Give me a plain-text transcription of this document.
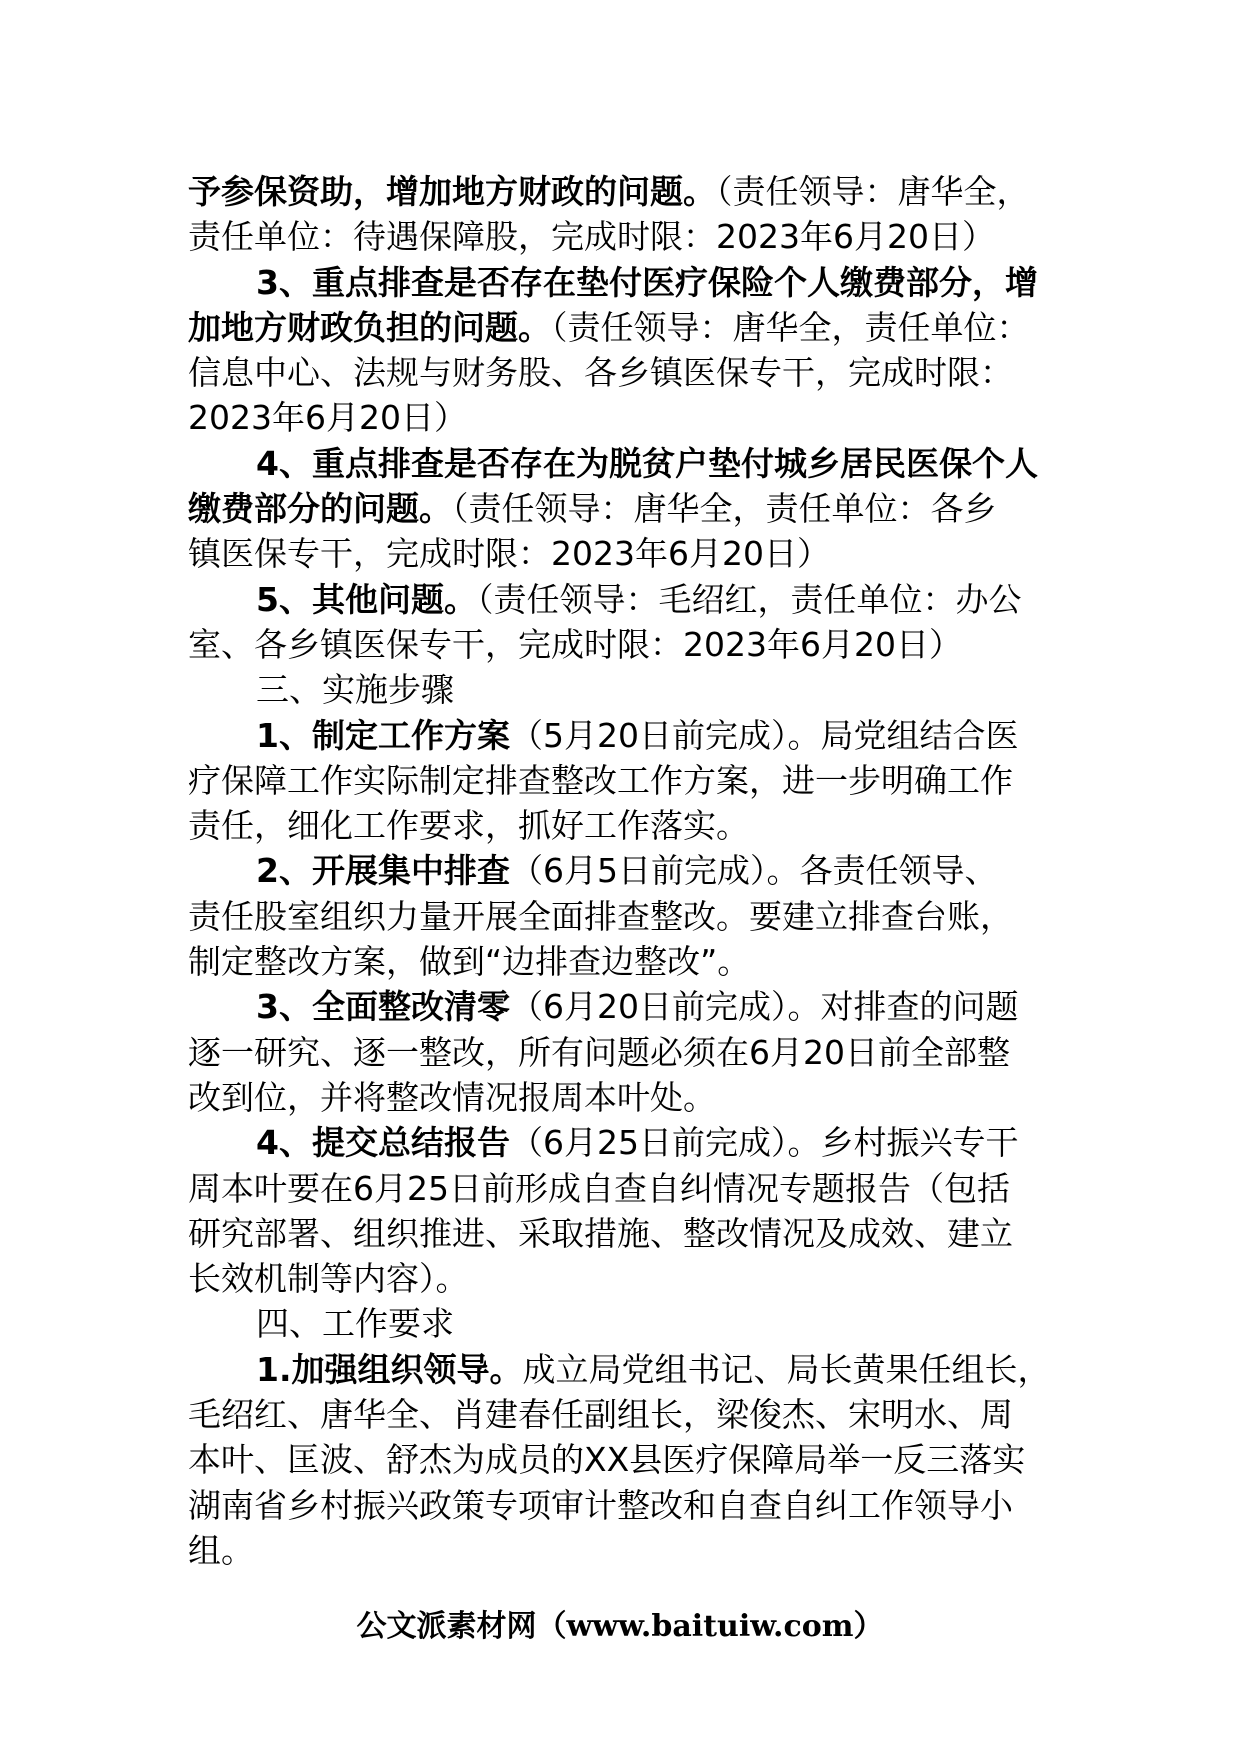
予参保资助，增加地方财政的问题。（责任领导：唐华全，
责任单位：待遇保障股，完成时限：2023年6月20日）
3、重点排查是否存在垫付医疗保险个人缴费部分，增
加地方财政负担的问题。（责任领导：唐华全，责任单位：
信息中心、法规与财务股、各乡镇医保专干，完成时限：
2023年6月20日）
4、重点排查是否存在为脱贫户垫付城乡居民医保个人
缴费部分的问题。（责任领导：唐华全，责任单位：各乡
镇医保专干，完成时限：2023年6月20日）
5、其他问题。（责任领导：毛绍红，责任单位：办公
室、各乡镇医保专干，完成时限：2023年6月20日）
三、实施步骤
1、制定工作方案（5月20日前完成）。局党组结合医
疗保障工作实际制定排查整改工作方案，进一步明确工作
责任，细化工作要求，抓好工作落实。
2、开展集中排查（6月5日前完成）。各责任领导、
责任股室组织力量开展全面排查整改。要建立排查台账，
制定整改方案，做到“边排查边整改”。
3、全面整改清零（6月20日前完成）。对排查的问题
逐一研究、逐一整改，所有问题必须在6月20日前全部整
改到位，并将整改情况报周本叶处。
4、提交总结报告（6月25日前完成）。乡村振兴专干
周本叶要在6月25日前形成自查自纠情况专题报告（包括
研究部署、组织推进、采取措施、整改情况及成效、建立
长效机制等内容）。
四、工作要求
1.加强组织领导。成立局党组书记、局长黄果任组长，
毛绍红、唐华全、肖建春任副组长，梁俊杰、宋明水、周
本叶、匡波、舒杰为成员的XX县医疗保障局举一反三落实
湖南省乡村振兴政策专项审计整改和自查自纠工作领导小
组。
公文派素材网（www.baituiw.com）
